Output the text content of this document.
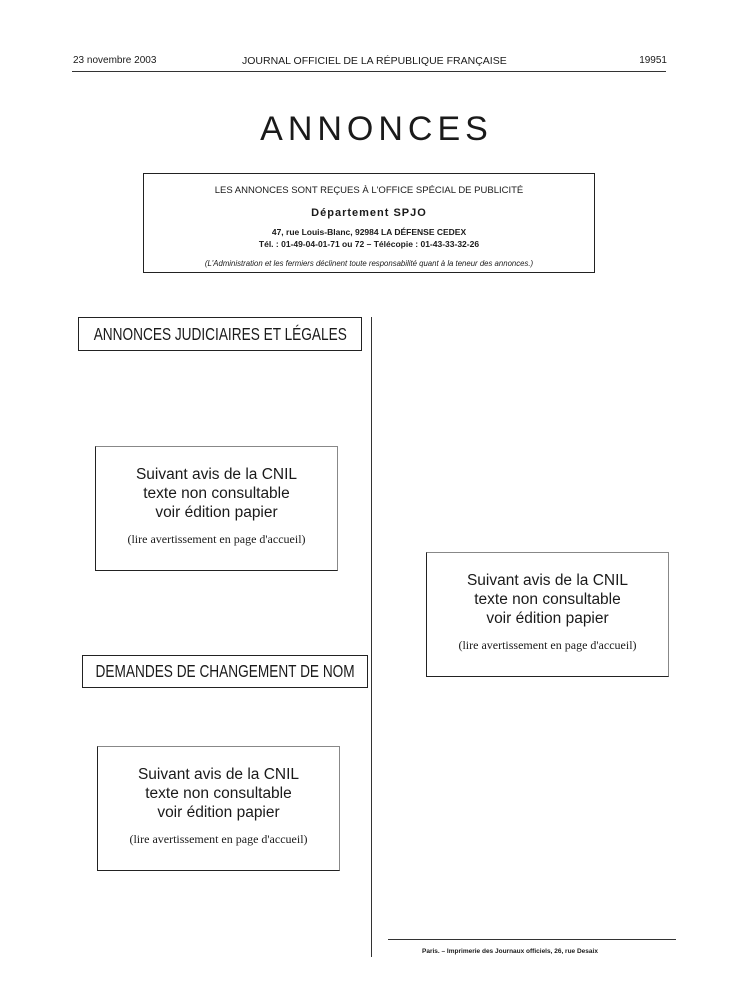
23 novembre 2003	JOURNAL OFFICIEL DE LA RÉPUBLIQUE FRANÇAISE	19951
ANNONCES
LES ANNONCES SONT REÇUES À L'OFFICE SPÉCIAL DE PUBLICITÉ
Département SPJO
47, rue Louis-Blanc, 92984 LA DÉFENSE CEDEX
Tél. : 01-49-04-01-71 ou 72 – Télécopie : 01-43-33-32-26
(L'Administration et les fermiers déclinent toute responsabilité quant à la teneur des annonces.)
ANNONCES JUDICIAIRES ET LÉGALES
Suivant avis de la CNIL
texte non consultable
voir édition papier
(lire avertissement en page d'accueil)
DEMANDES DE CHANGEMENT DE NOM
Suivant avis de la CNIL
texte non consultable
voir édition papier
(lire avertissement en page d'accueil)
Suivant avis de la CNIL
texte non consultable
voir édition papier
(lire avertissement en page d'accueil)
Paris. – Imprimerie des Journaux officiels, 26, rue Desaix
